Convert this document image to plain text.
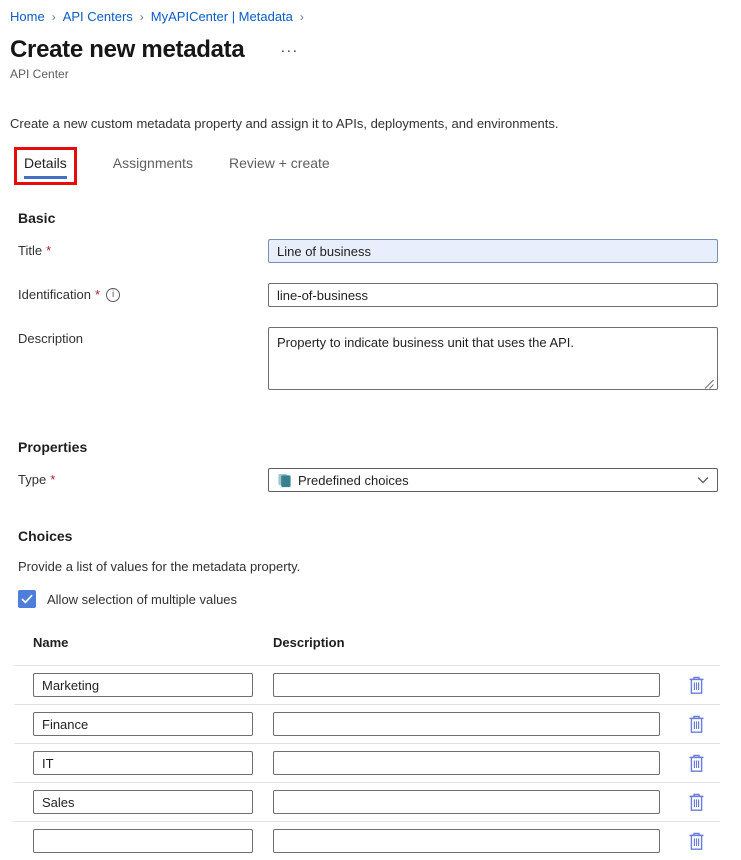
Home › API Centers › MyAPICenter | Metadata ›
Create new metadata ···
API Center

Create a new custom metadata property and assign it to APIs, deployments, and environments.

Details	Assignments	Review + create
Basic
Title *
Line of business
Identification *	i
line-of-business
Description
Property to indicate business unit that uses the API.
Properties
Type *	Predefined choices
Choices

Provide a list of values for the metadata property.

Allow selection of multiple values
Name	Description
Marketing
Finance
IT
Sales
